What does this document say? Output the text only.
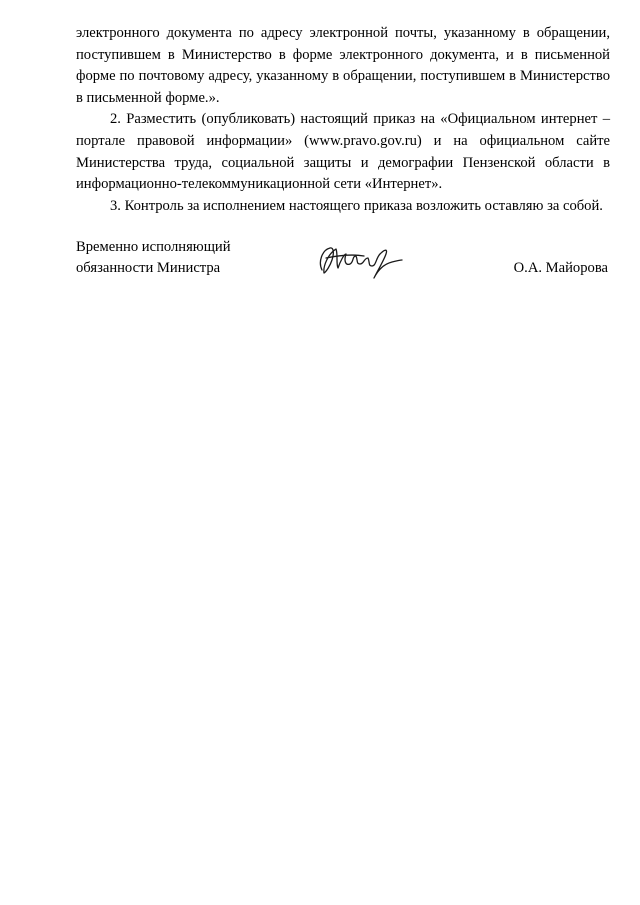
электронного документа по адресу электронной почты, указанному в обращении, поступившем в Министерство в форме электронного документа, и в письменной форме по почтовому адресу, указанному в обращении, поступившем в Министерство в письменной форме.».

2. Разместить (опубликовать) настоящий приказ на «Официальном интернет – портале правовой информации» (www.pravo.gov.ru) и на официальном сайте Министерства труда, социальной защиты и демографии Пензенской области в информационно-телекоммуникационной сети «Интернет».

3. Контроль за исполнением настоящего приказа возложить оставляю за собой.

Временно исполняющий
обязанности Министра	О.А. Майорова
